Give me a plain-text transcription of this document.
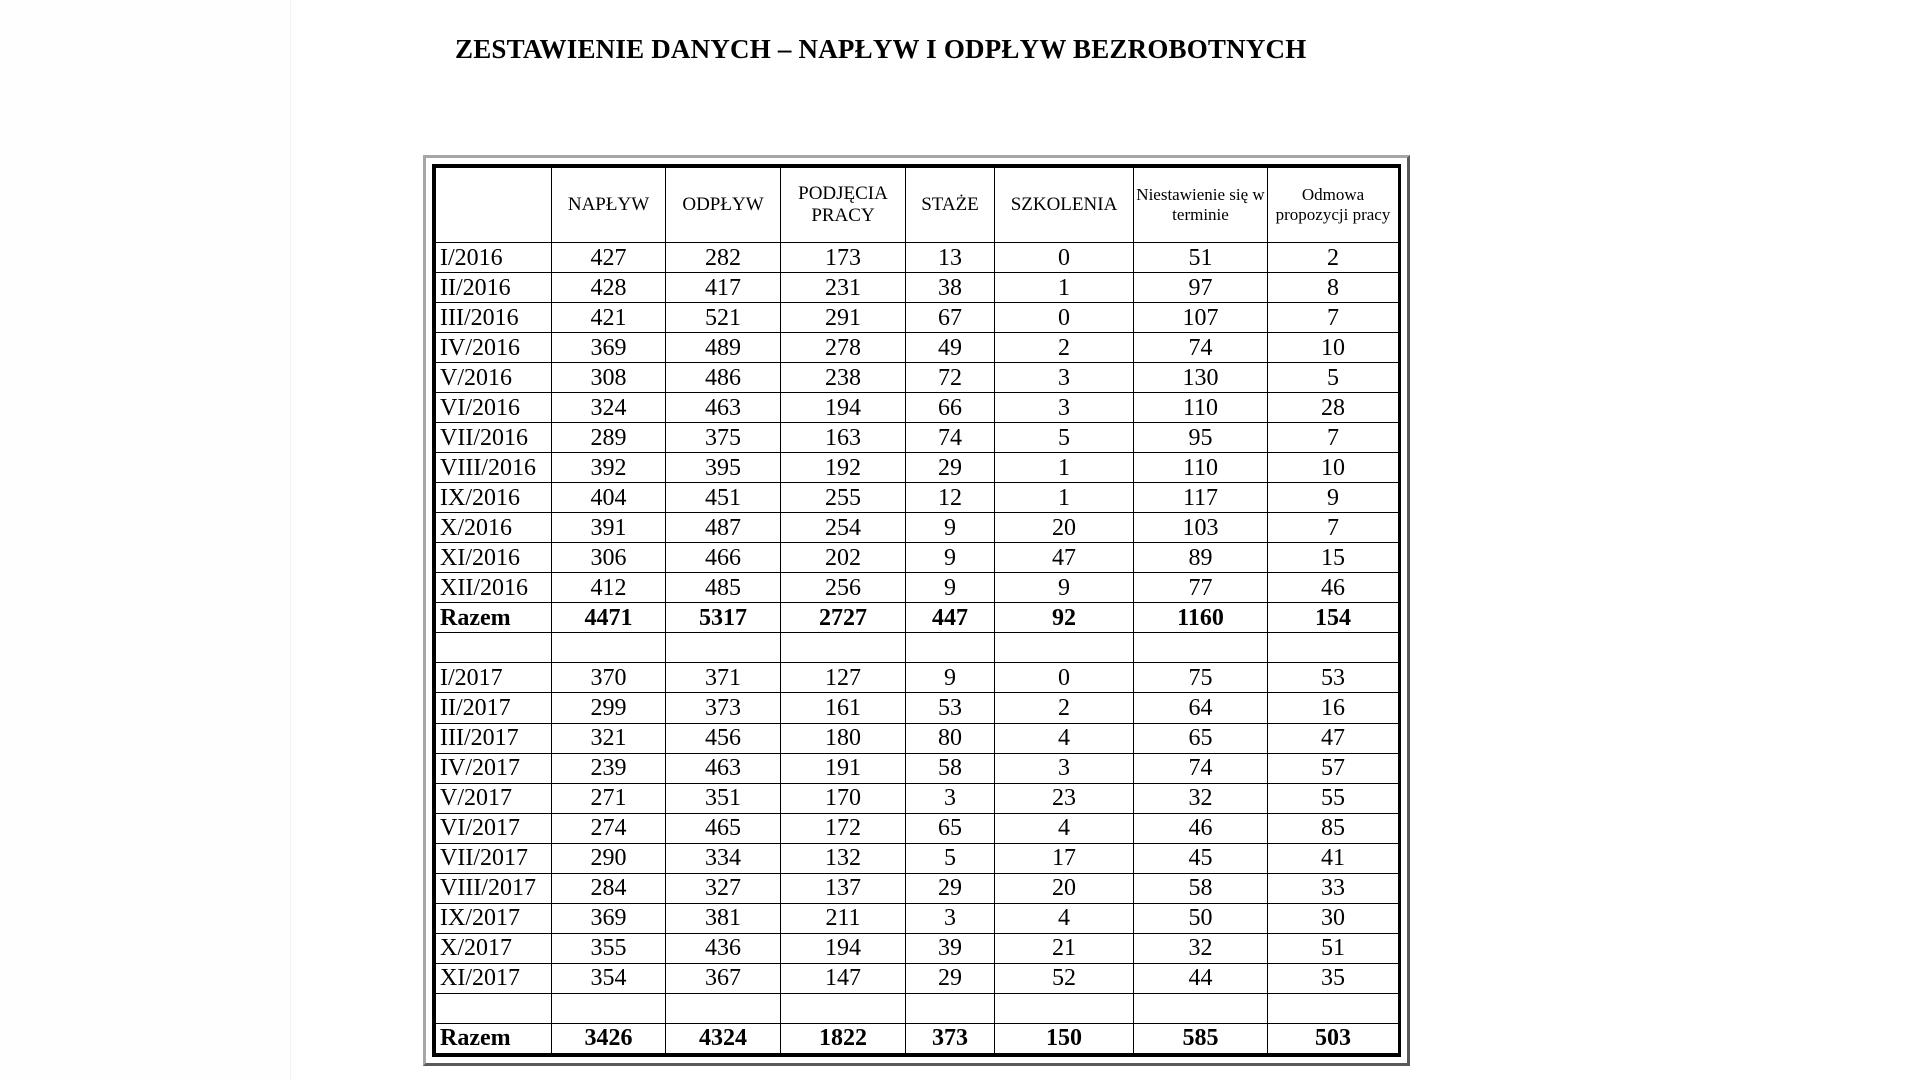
ZESTAWIENIE DANYCH – NAPŁYW I ODPŁYW BEZROBOTNYCH
	NAPŁYW	ODPŁYW	PODJĘCIA PRACY	STAŻE	SZKOLENIA	Niestawienie się w terminie	Odmowa propozycji pracy
I/2016	427	282	173	13	0	51	2
II/2016	428	417	231	38	1	97	8
III/2016	421	521	291	67	0	107	7
IV/2016	369	489	278	49	2	74	10
V/2016	308	486	238	72	3	130	5
VI/2016	324	463	194	66	3	110	28
VII/2016	289	375	163	74	5	95	7
VIII/2016	392	395	192	29	1	110	10
IX/2016	404	451	255	12	1	117	9
X/2016	391	487	254	9	20	103	7
XI/2016	306	466	202	9	47	89	15
XII/2016	412	485	256	9	9	77	46
Razem	4471	5317	2727	447	92	1160	154

I/2017	370	371	127	9	0	75	53
II/2017	299	373	161	53	2	64	16
III/2017	321	456	180	80	4	65	47
IV/2017	239	463	191	58	3	74	57
V/2017	271	351	170	3	23	32	55
VI/2017	274	465	172	65	4	46	85
VII/2017	290	334	132	5	17	45	41
VIII/2017	284	327	137	29	20	58	33
IX/2017	369	381	211	3	4	50	30
X/2017	355	436	194	39	21	32	51
XI/2017	354	367	147	29	52	44	35

Razem	3426	4324	1822	373	150	585	503
